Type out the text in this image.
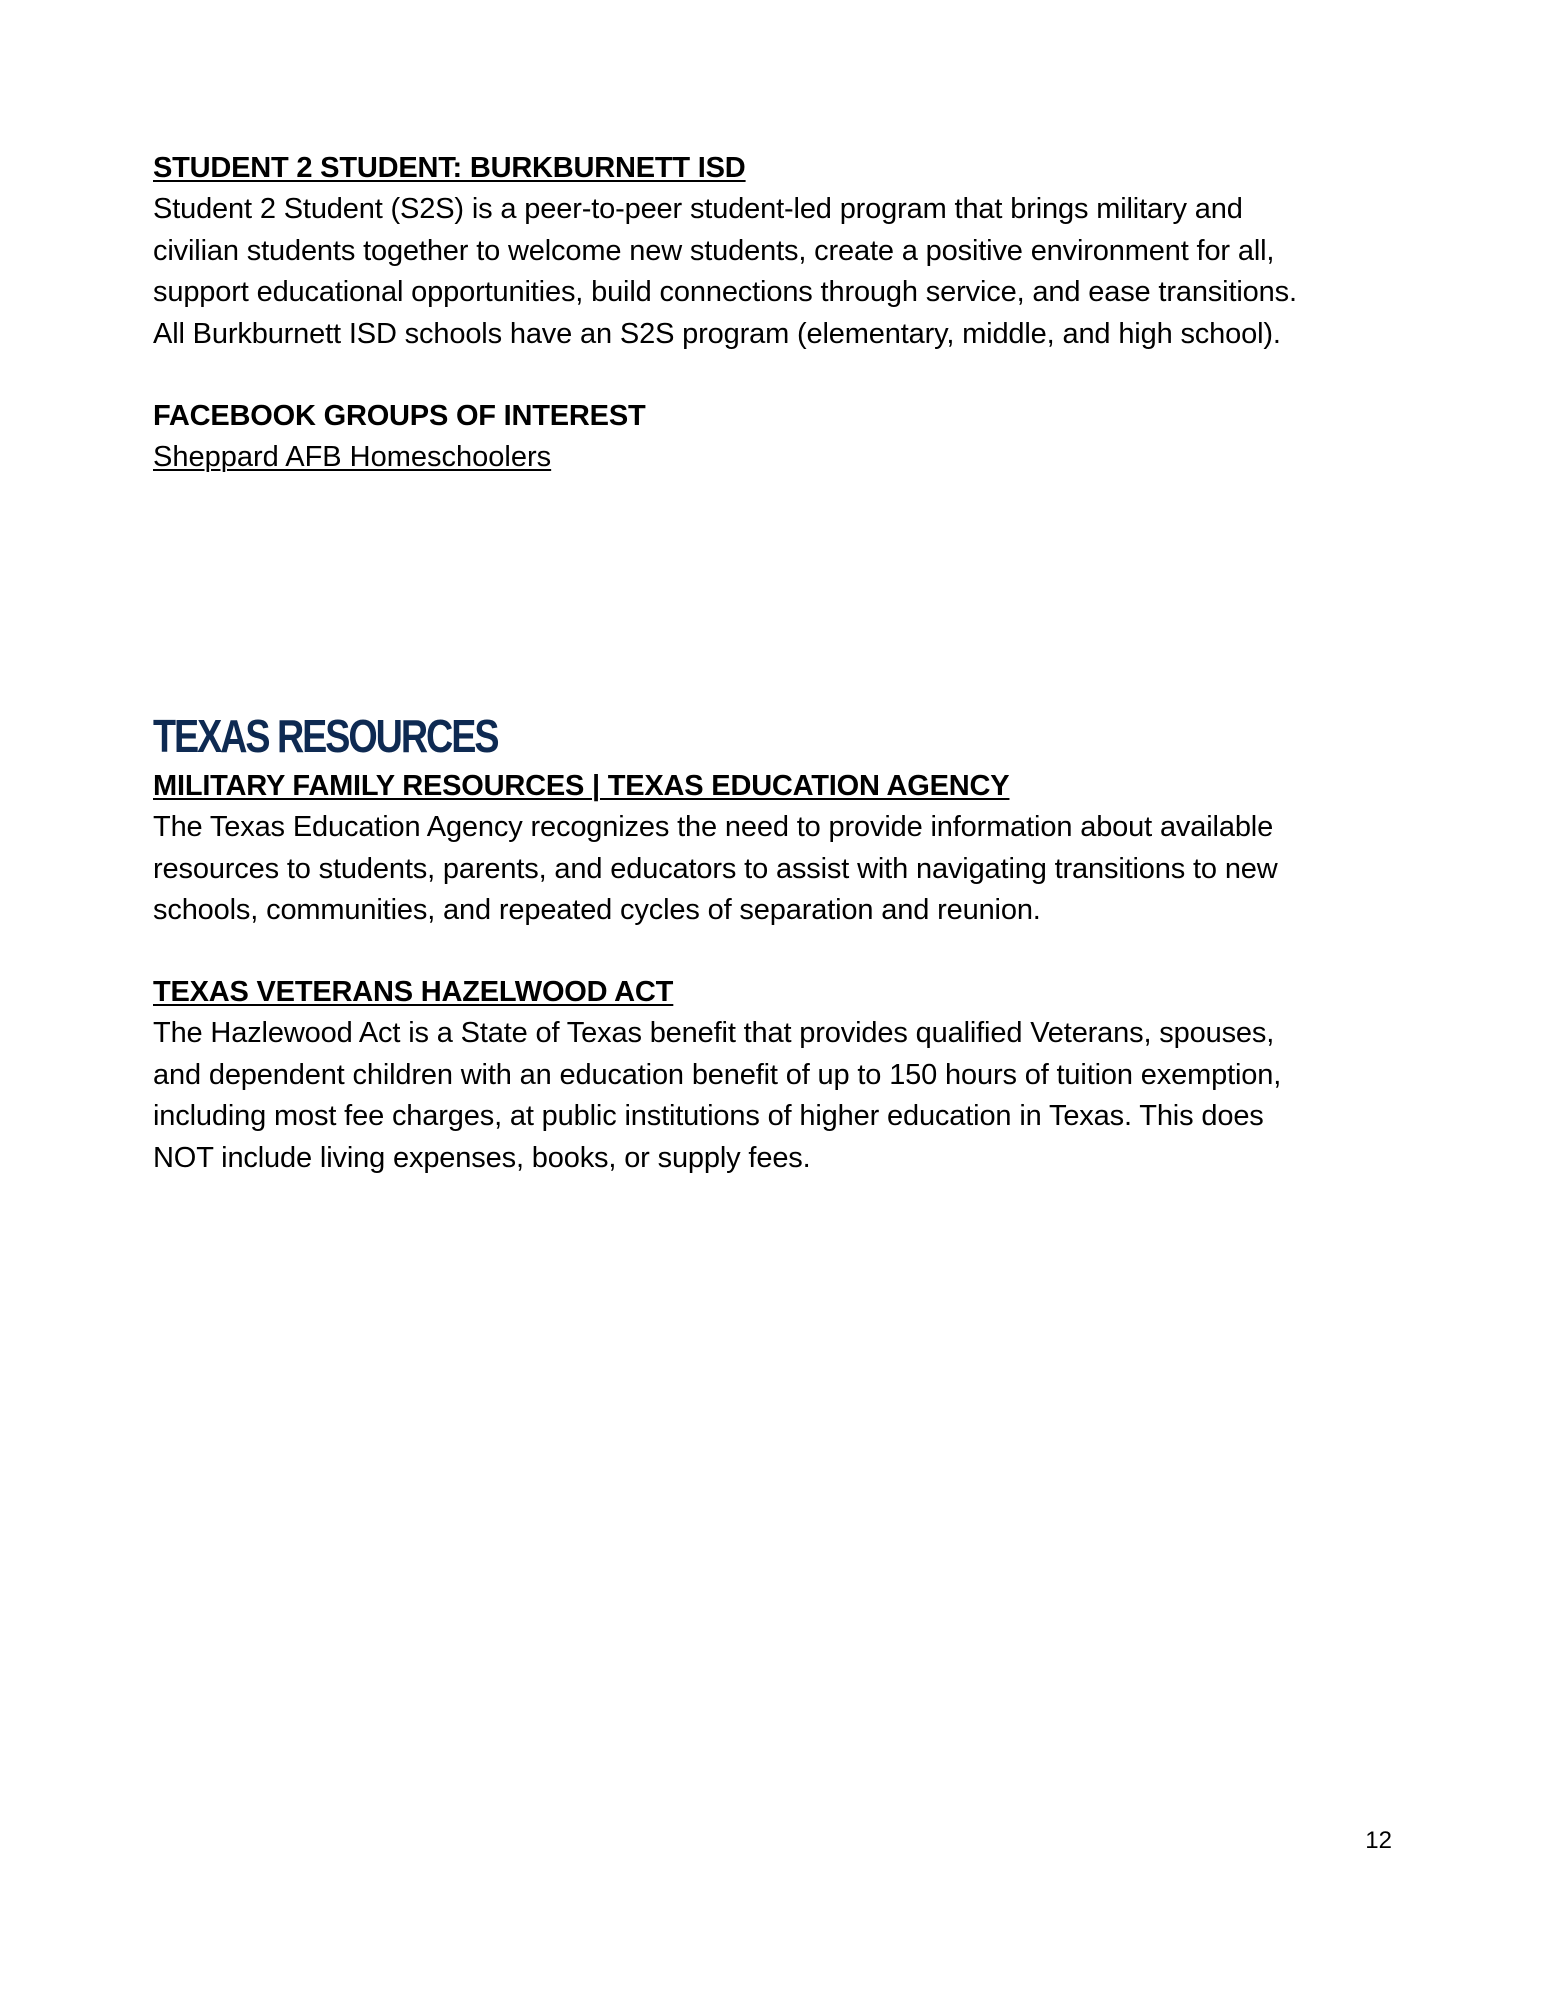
STUDENT 2 STUDENT: BURKBURNETT ISD

Student 2 Student (S2S) is a peer-to-peer student-led program that brings military and
civilian students together to welcome new students, create a positive environment for all,
support educational opportunities, build connections through service, and ease transitions.
All Burkburnett ISD schools have an S2S program (elementary, middle, and high school).

FACEBOOK GROUPS OF INTEREST
Sheppard AFB Homeschoolers
TEXAS RESOURCES
MILITARY FAMILY RESOURCES | TEXAS EDUCATION AGENCY

The Texas Education Agency recognizes the need to provide information about available
resources to students, parents, and educators to assist with navigating transitions to new
schools, communities, and repeated cycles of separation and reunion.

TEXAS VETERANS HAZELWOOD ACT

The Hazlewood Act is a State of Texas benefit that provides qualified Veterans, spouses,
and dependent children with an education benefit of up to 150 hours of tuition exemption,
including most fee charges, at public institutions of higher education in Texas. This does
NOT include living expenses, books, or supply fees.

12
